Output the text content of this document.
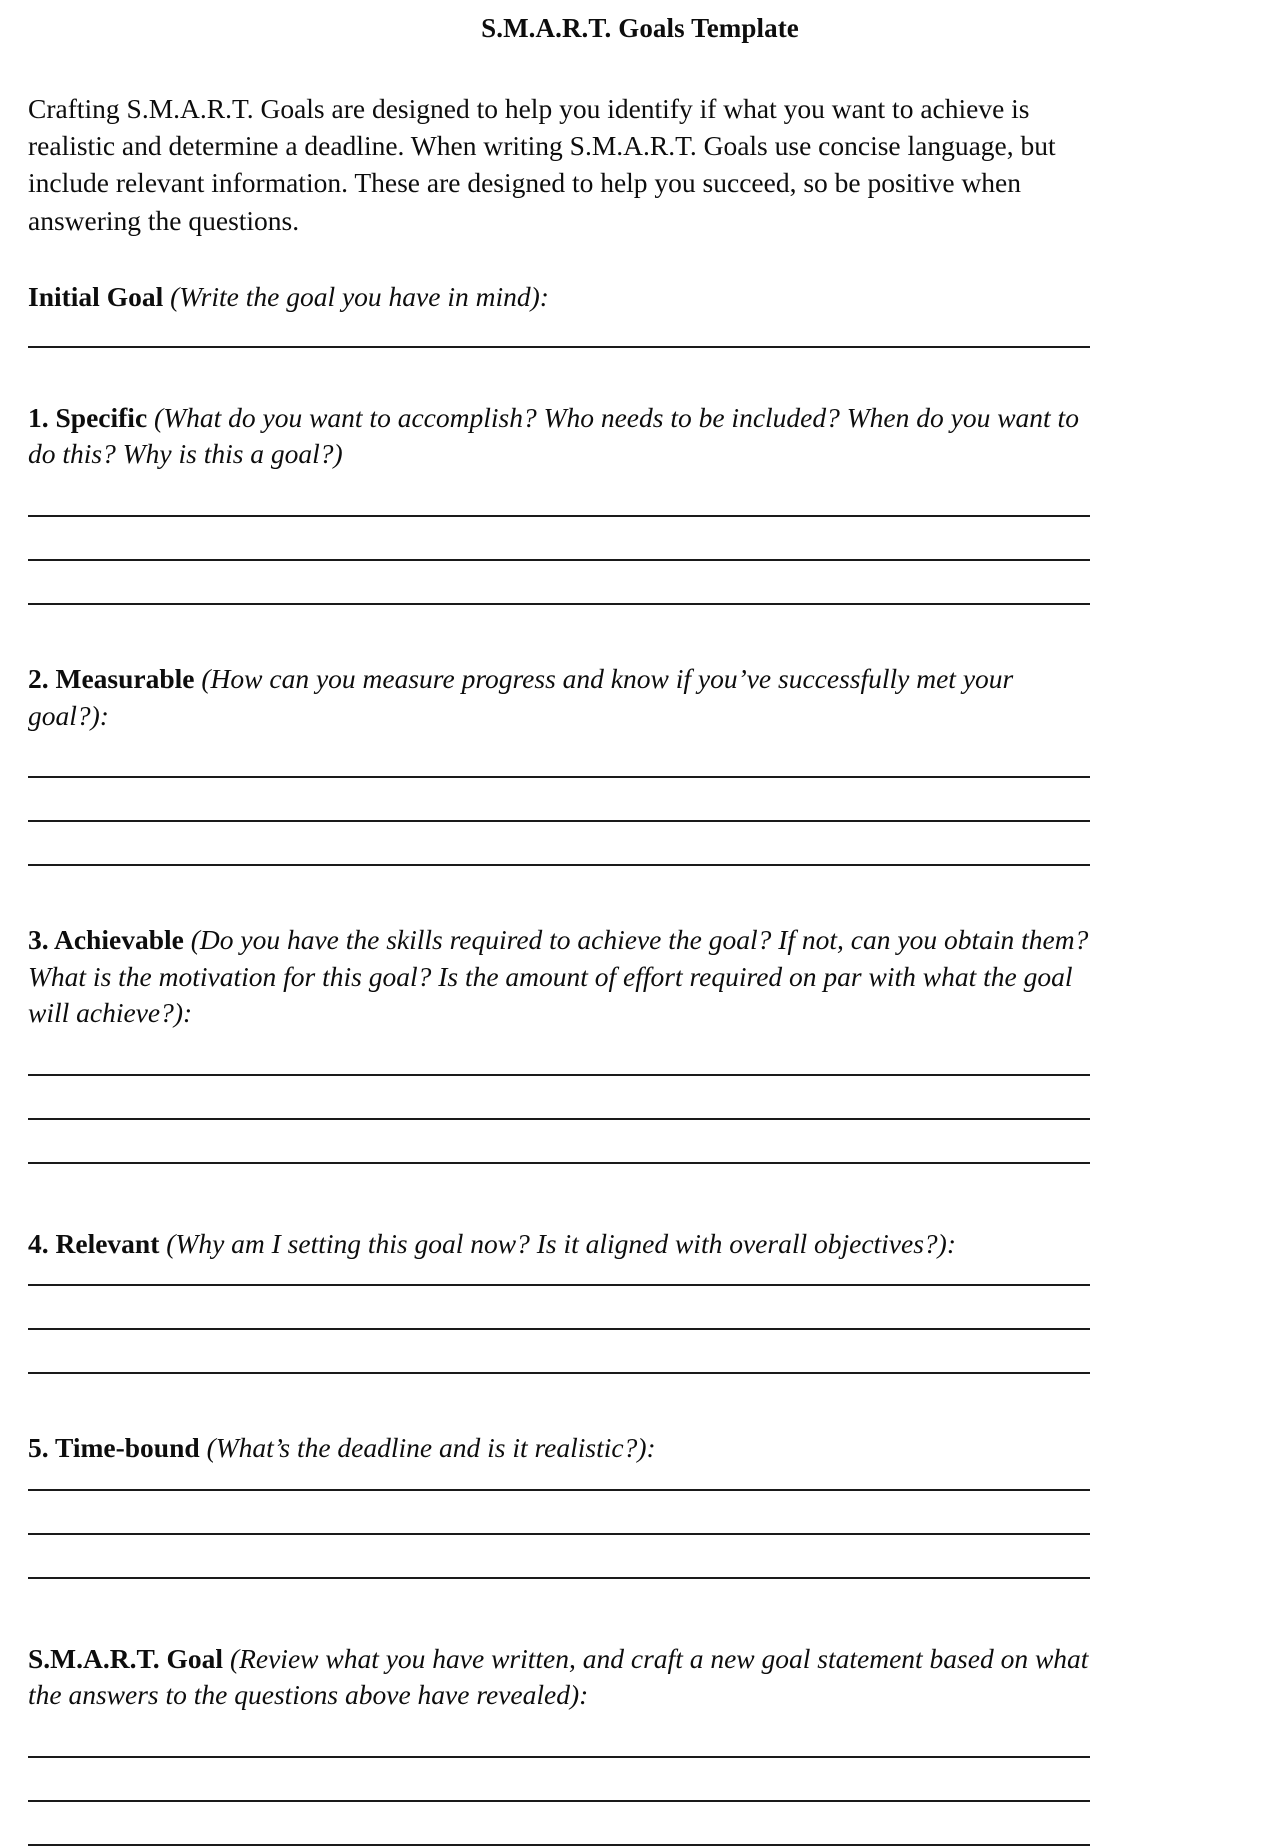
S.M.A.R.T. Goals Template

Crafting S.M.A.R.T. Goals are designed to help you identify if what you want to achieve is realistic and determine a deadline. When writing S.M.A.R.T. Goals use concise language, but include relevant information. These are designed to help you succeed, so be positive when answering the questions.

Initial Goal (Write the goal you have in mind):

1. Specific (What do you want to accomplish? Who needs to be included? When do you want to do this? Why is this a goal?)

2. Measurable (How can you measure progress and know if you’ve successfully met your goal?):

3. Achievable (Do you have the skills required to achieve the goal? If not, can you obtain them? What is the motivation for this goal? Is the amount of effort required on par with what the goal will achieve?):

4. Relevant (Why am I setting this goal now? Is it aligned with overall objectives?):

5. Time-bound (What’s the deadline and is it realistic?):

S.M.A.R.T. Goal (Review what you have written, and craft a new goal statement based on what the answers to the questions above have revealed):
